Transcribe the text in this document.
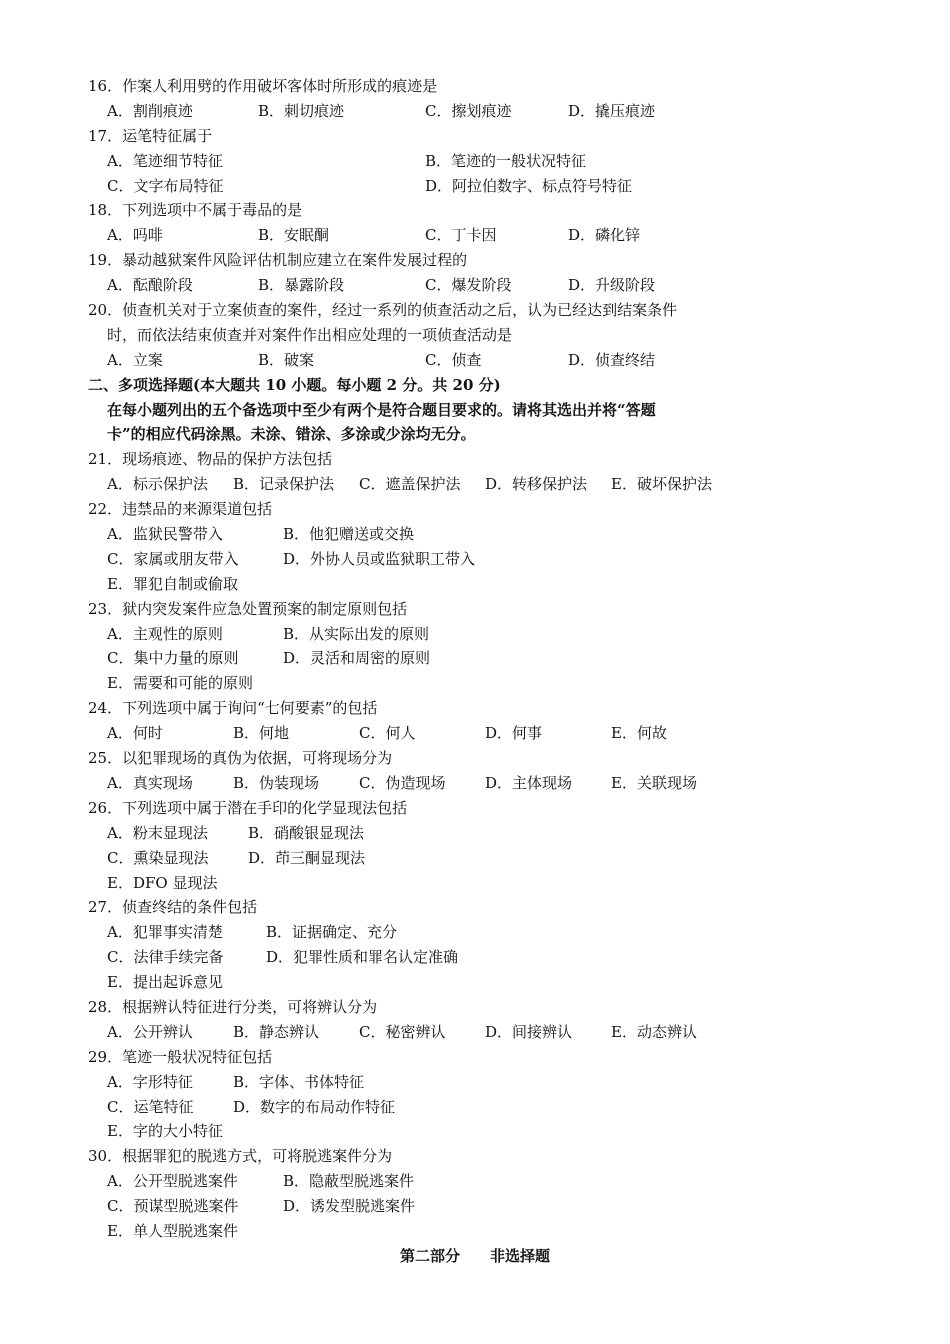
16．作案人利用劈的作用破坏客体时所形成的痕迹是
A．割削痕迹	B．刺切痕迹	C．擦划痕迹	D．撬压痕迹
17．运笔特征属于
A．笔迹细节特征	B．笔迹的一般状况特征
C．文字布局特征	D．阿拉伯数字、标点符号特征
18．下列选项中不属于毒品的是
A．吗啡	B．安眠酮	C．丁卡因	D．磷化锌
19．暴动越狱案件风险评估机制应建立在案件发展过程的
A．酝酿阶段	B．暴露阶段	C．爆发阶段	D．升级阶段
20．侦查机关对于立案侦查的案件，经过一系列的侦查活动之后，认为已经达到结案条件
时，而依法结束侦查并对案件作出相应处理的一项侦查活动是
A．立案	B．破案	C．侦查	D．侦查终结
二、多项选择题(本大题共 10 小题。每小题 2 分。共 20 分)
在每小题列出的五个备选项中至少有两个是符合题目要求的。请将其选出并将“答题
卡”的相应代码涂黑。未涂、错涂、多涂或少涂均无分。
21．现场痕迹、物品的保护方法包括
A．标示保护法 B．记录保护法 C．遮盖保护法 D．转移保护法 E．破坏保护法
22．违禁品的来源渠道包括
A．监狱民警带入	B．他犯赠送或交换
C．家属或朋友带入	D．外协人员或监狱职工带入
E．罪犯自制或偷取
23．狱内突发案件应急处置预案的制定原则包括
A．主观性的原则	B．从实际出发的原则
C．集中力量的原则	D．灵活和周密的原则
E．需要和可能的原则
24．下列选项中属于询问“七何要素”的包括
A．何时	B．何地	C．何人	D．何事	E．何故
25．以犯罪现场的真伪为依据，可将现场分为
A．真实现场	B．伪装现场	C．伪造现场	D．主体现场	E．关联现场
26．下列选项中属于潜在手印的化学显现法包括
A．粉末显现法	B．硝酸银显现法
C．熏染显现法	D．茚三酮显现法
E．DFO 显现法
27．侦查终结的条件包括
A．犯罪事实清楚	B．证据确定、充分
C．法律手续完备	D．犯罪性质和罪名认定准确
E．提出起诉意见
28．根据辨认特征进行分类，可将辨认分为
A．公开辨认	B．静态辨认	C．秘密辨认	D．间接辨认	E．动态辨认
29．笔迹一般状况特征包括
A．字形特征	B．字体、书体特征
C．运笔特征	D．数字的布局动作特征
E．字的大小特征
30．根据罪犯的脱逃方式，可将脱逃案件分为
A．公开型脱逃案件	B．隐蔽型脱逃案件
C．预谋型脱逃案件	D．诱发型脱逃案件
E．单人型脱逃案件
第二部分　　非选择题
